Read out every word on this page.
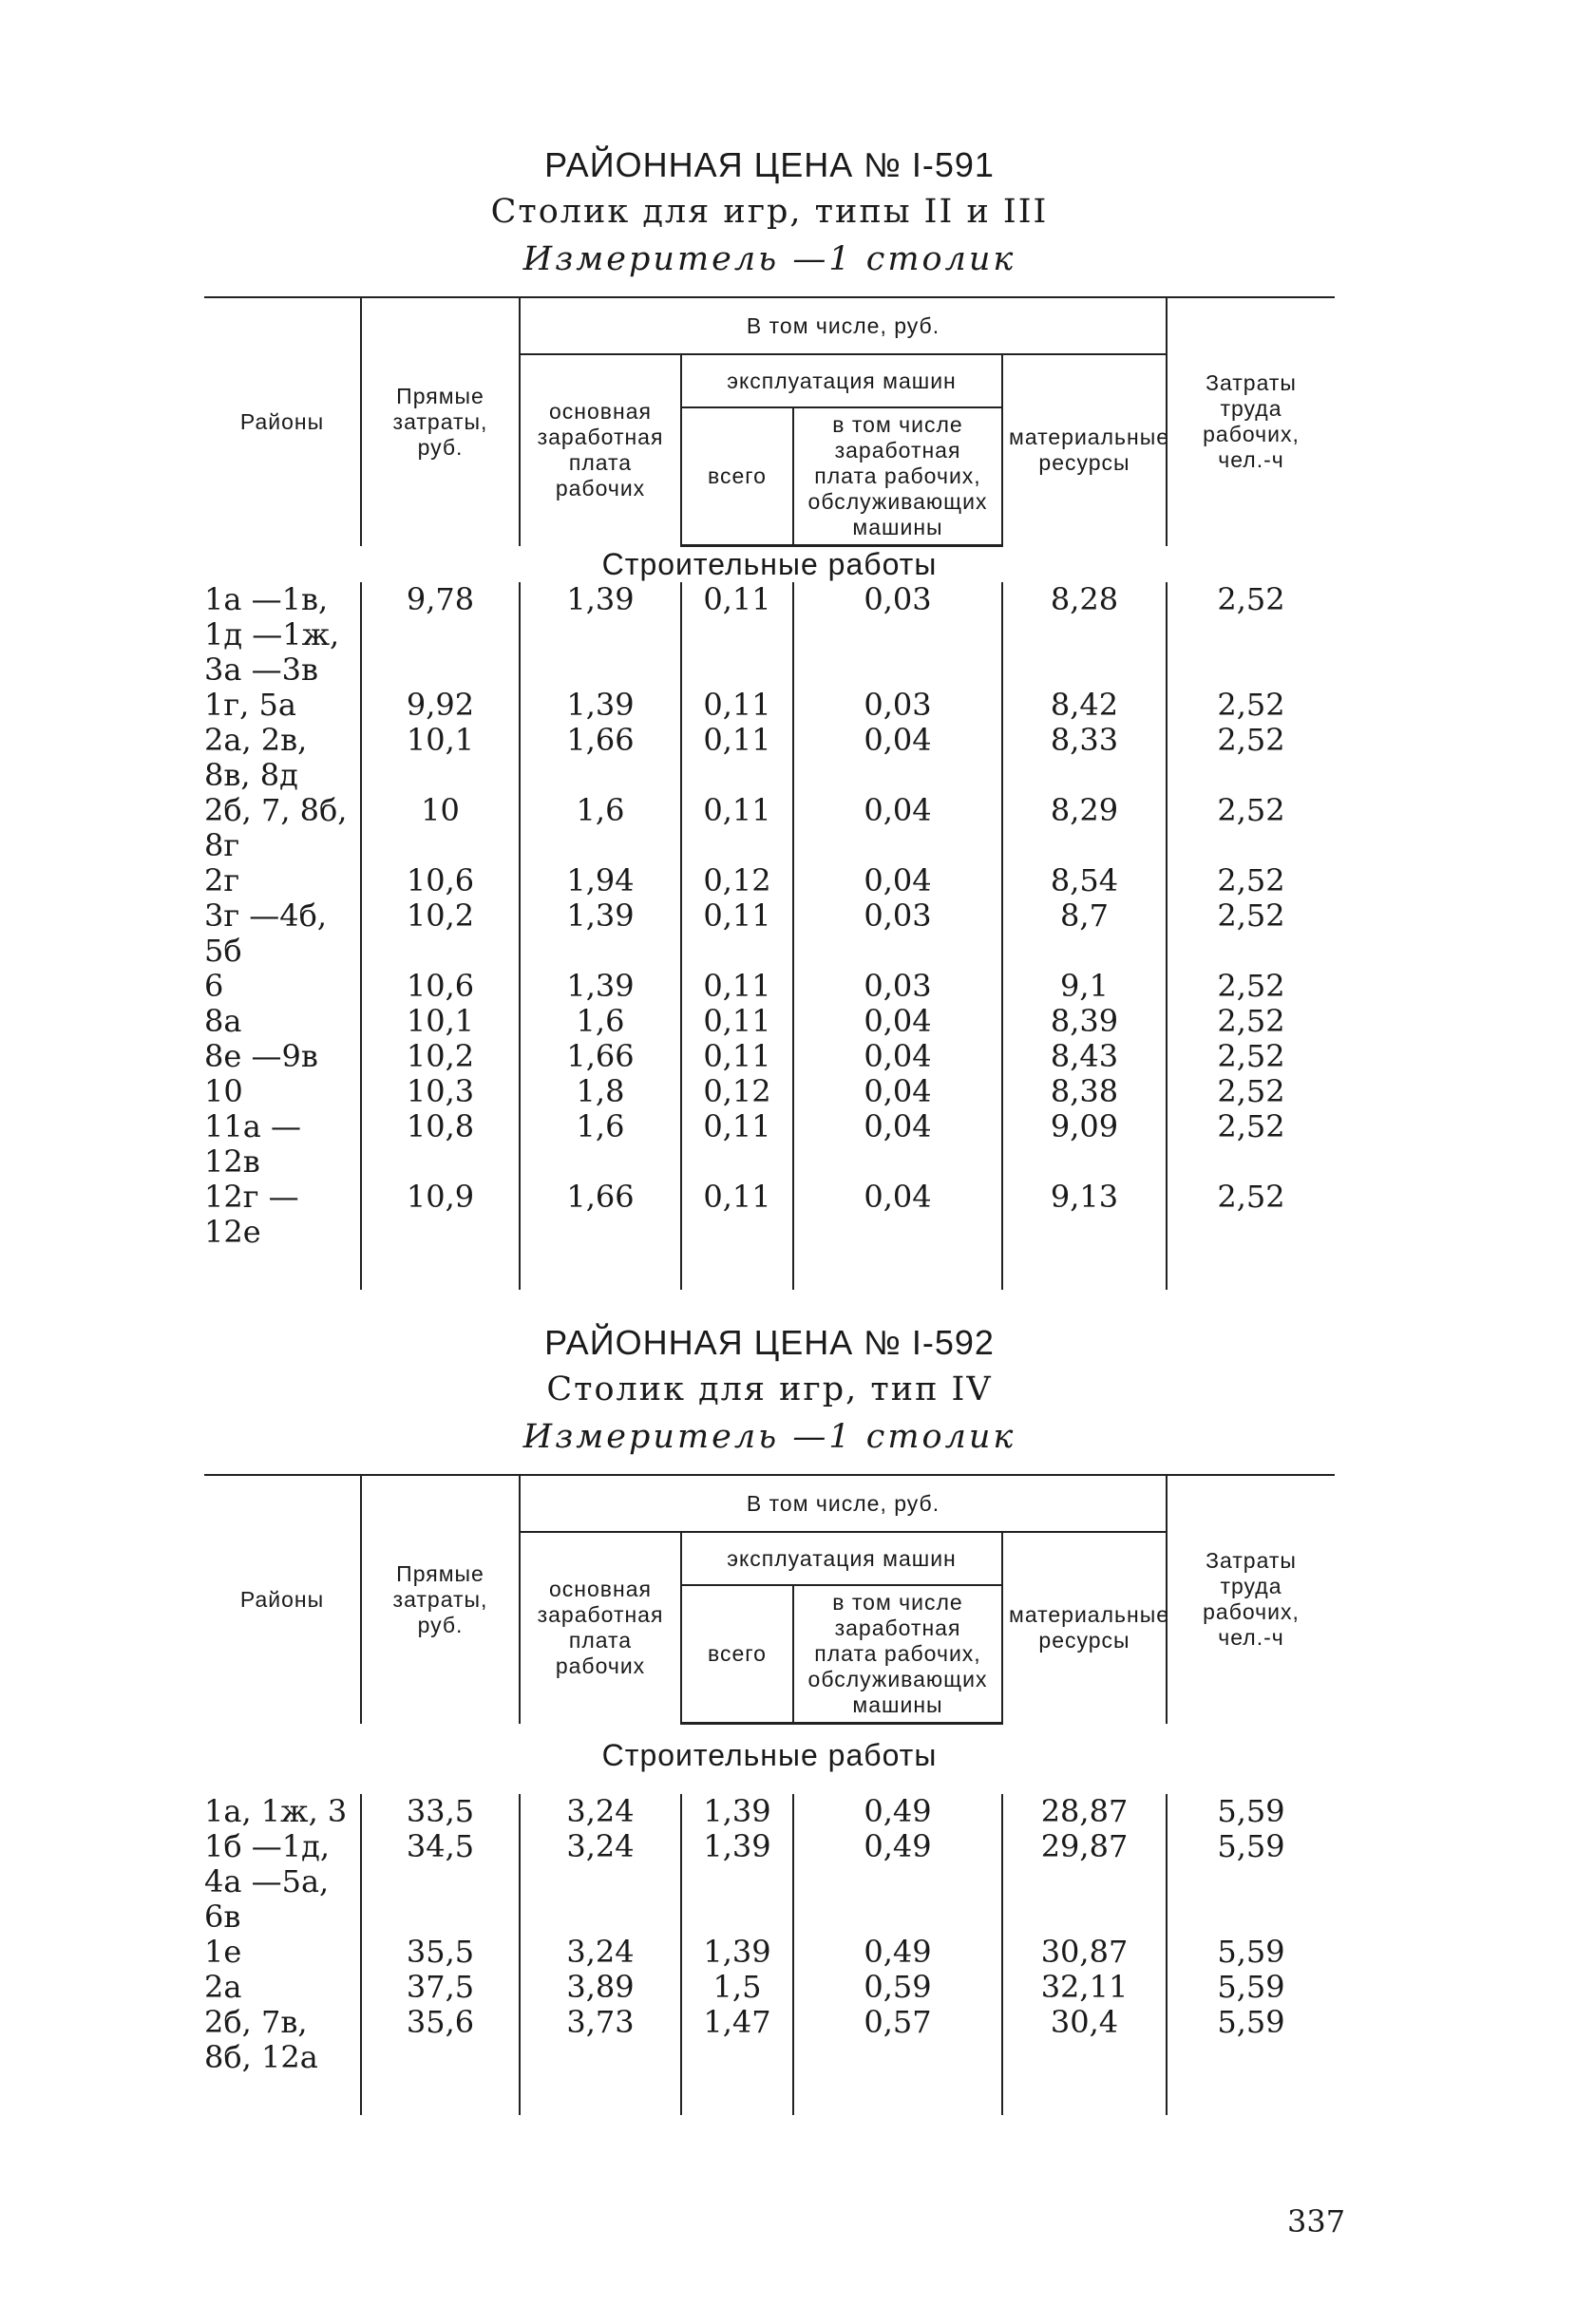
РАЙОННАЯ ЦЕНА № I-591
Столик для игр, типы II и III
Измеритель —1 столик
Районы	Прямые затраты, руб.	В том числе, руб.				Затраты труда рабочих, чел.-ч
		основная заработная плата рабочих	эксплуатация машин		материальные ресурсы	
			всего	в том числе заработная плата рабочих, обслуживающих машины		
Строительные работы						
1а —1в, 1д —1ж, 3а —3в	9,78	1,39	0,11	0,03	8,28	2,52
1г, 5а	9,92	1,39	0,11	0,03	8,42	2,52
2а, 2в, 8в, 8д	10,1	1,66	0,11	0,04	8,33	2,52
2б, 7, 8б, 8г	10	1,6	0,11	0,04	8,29	2,52
2г	10,6	1,94	0,12	0,04	8,54	2,52
3г —4б, 5б	10,2	1,39	0,11	0,03	8,7	2,52
6	10,6	1,39	0,11	0,03	9,1	2,52
8а	10,1	1,6	0,11	0,04	8,39	2,52
8е —9в	10,2	1,66	0,11	0,04	8,43	2,52
10	10,3	1,8	0,12	0,04	8,38	2,52
11а —12в	10,8	1,6	0,11	0,04	9,09	2,52
12г —12е	10,9	1,66	0,11	0,04	9,13	2,52

РАЙОННАЯ ЦЕНА № I-592
Столик для игр, тип IV
Измеритель —1 столик
Районы	Прямые затраты, руб.	В том числе, руб.				Затраты труда рабочих, чел.-ч
		основная заработная плата рабочих	эксплуатация машин		материальные ресурсы	
			всего	в том числе заработная плата рабочих, обслуживающих машины		
Строительные работы						
1а, 1ж, 3	33,5	3,24	1,39	0,49	28,87	5,59
1б —1д, 4а —5а, 6в	34,5	3,24	1,39	0,49	29,87	5,59
1е	35,5	3,24	1,39	0,49	30,87	5,59
2а	37,5	3,89	1,5	0,59	32,11	5,59
2б, 7в, 8б, 12а	35,6	3,73	1,47	0,57	30,4	5,59

337
